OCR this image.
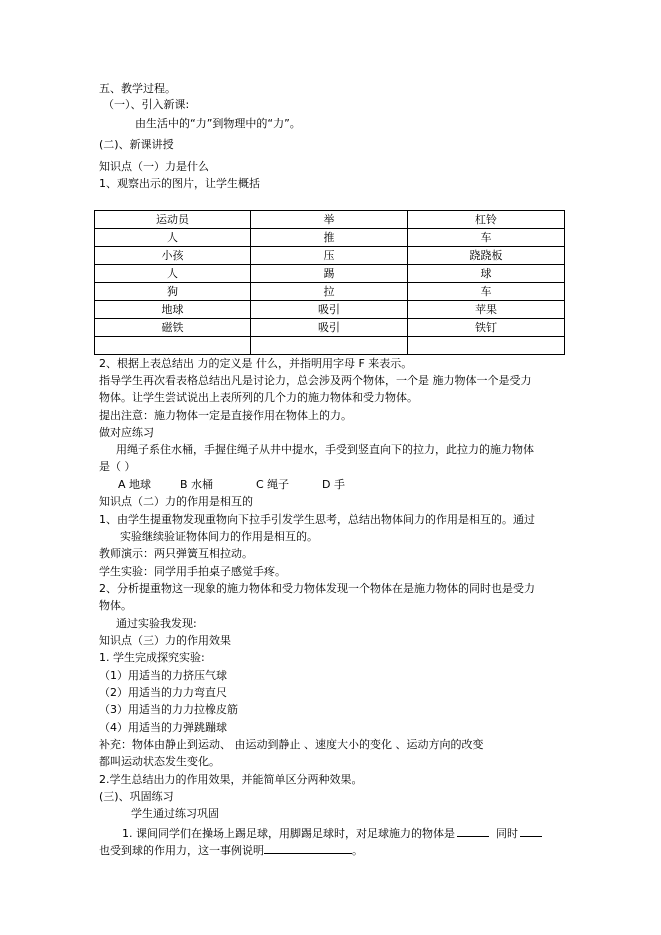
五、教学过程。
（一）、引入新课:
由生活中的“力”到物理中的“力”。
(二)、新课讲授
知识点（一）力是什么
1、观察出示的图片，让学生概括
运动员	举	杠铃
人	推	车
小孩	压	跷跷板
人	踢	球
狗	拉	车
地球	吸引	苹果
磁铁	吸引	铁钉

2、根据上表总结出 力的定义是 什么，并指明用字母 F 来表示。
指导学生再次看表格总结出凡是讨论力，总会涉及两个物体，一个是 施力物体一个是受力
物体。让学生尝试说出上表所列的几个力的施力物体和受力物体。
提出注意：施力物体一定是直接作用在物体上的力。
做对应练习
用绳子系住水桶，手握住绳子从井中提水，手受到竖直向下的拉力，此拉力的施力物体
是（ ）
A 地球	B 水桶	C 绳子	D 手
知识点（二）力的作用是相互的
1、由学生提重物发现重物向下拉手引发学生思考，总结出物体间力的作用是相互的。通过
实验继续验证物体间力的作用是相互的。
教师演示：两只弹簧互相拉动。
学生实验：同学用手拍桌子感觉手疼。
2、分析提重物这一现象的施力物体和受力物体发现一个物体在是施力物体的同时也是受力
物体。
通过实验我发现:
知识点（三）力的作用效果
1. 学生完成探究实验:
（1）用适当的力挤压气球
（2）用适当的力力弯直尺
（3）用适当的力力拉橡皮筋
（4）用适当的力弹跳蹦球
补充：物体由静止到运动、 由运动到静止 、速度大小的变化 、运动方向的改变
都叫运动状态发生变化。
2.学生总结出力的作用效果，并能简单区分两种效果。
(三)、巩固练习
学生通过练习巩固
1. 课间同学们在操场上踢足球，用脚踢足球时，对足球施力的物体是	同时
也受到球的作用力，这一事例说明	。
